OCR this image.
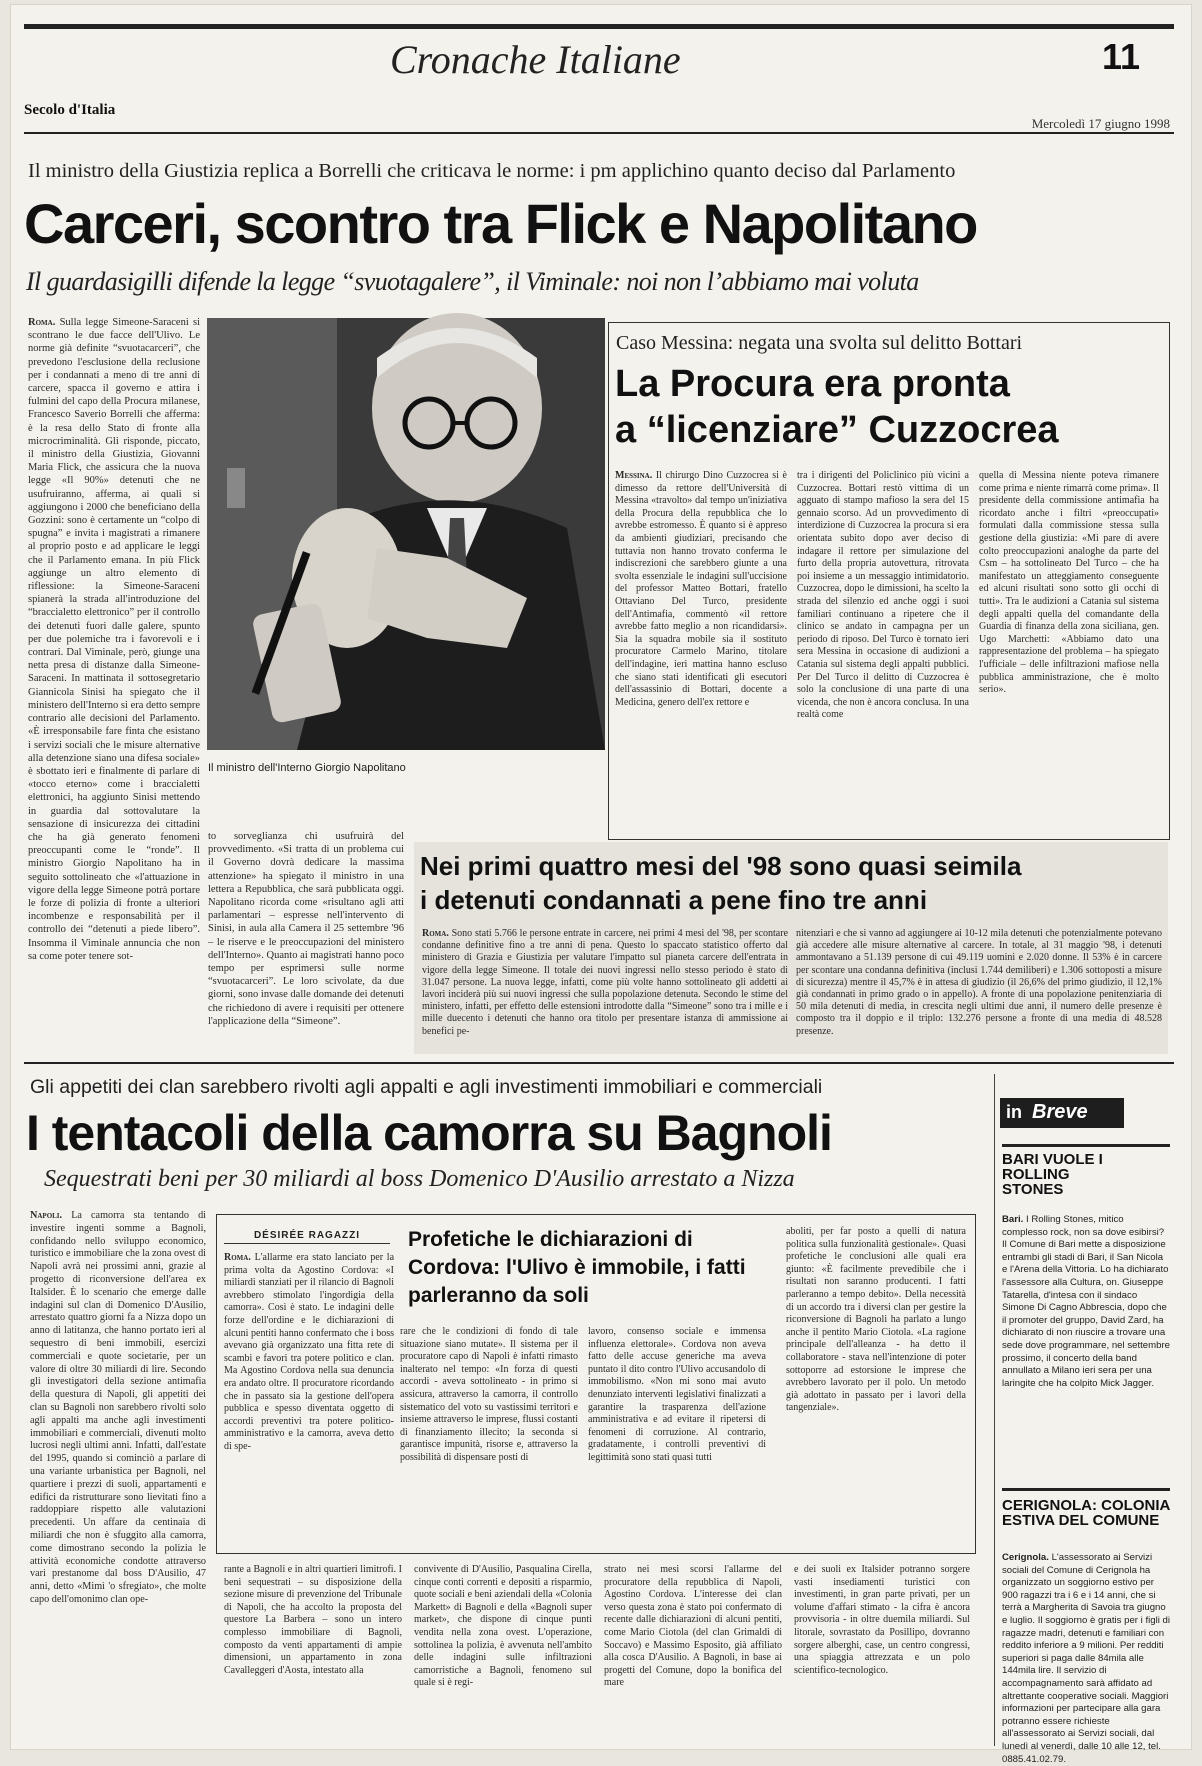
Cronache Italiane	11
Secolo d'Italia
Mercoledì 17 giugno 1998
Il ministro della Giustizia replica a Borrelli che criticava le norme: i pm applichino quanto deciso dal Parlamento
Carceri, scontro tra Flick e Napolitano
Il guardasigilli difende la legge “svuotagalere”, il Viminale: noi non l’abbiamo mai voluta
Roma. Sulla legge Simeone-Saraceni si scontrano le due facce dell'Ulivo. Le norme già definite “svuotacarceri”, che prevedono l'esclusione della reclusione per i condannati a meno di tre anni di carcere, spacca il governo e attira i fulmini del capo della Procura milanese, Francesco Saverio Borrelli che afferma: è la resa dello Stato di fronte alla microcriminalità. Gli risponde, piccato, il ministro della Giustizia, Giovanni Maria Flick, che assicura che la nuova legge «Il 90%» detenuti che ne usufruiranno, afferma, ai quali si aggiungono i 2000 che beneficiano della Gozzini: sono è certamente un “colpo di spugna” e invita i magistrati a rimanere al proprio posto e ad applicare le leggi che il Parlamento emana. In più Flick aggiunge un altro elemento di riflessione: la Simeone-Saraceni spianerà la strada all'introduzione del “braccialetto elettronico” per il controllo dei detenuti fuori dalle galere, spunto per due polemiche tra i favorevoli e i contrari. Dal Viminale, però, giunge una netta presa di distanze dalla Simeone-Saraceni. In mattinata il sottosegretario Giannicola Sinisi ha spiegato che il ministero dell'Interno si era detto sempre contrario alle decisioni del Parlamento. «È irresponsabile fare finta che esistano i servizi sociali che le misure alternative alla detenzione siano una difesa sociale» è sbottato ieri e finalmente di parlare di «tocco eterno» come i braccialetti elettronici, ha aggiunto Sinisi mettendo in guardia dal sottovalutare la sensazione di insicurezza dei cittadini che ha già generato fenomeni preoccupanti come le “ronde”. Il ministro Giorgio Napolitano ha in seguito sottolineato che «l'attuazione in vigore della legge Simeone potrà portare le forze di polizia di fronte a ulteriori incombenze e responsabilità per il controllo dei “detenuti a piede libero”. Insomma il Viminale annuncia che non sa come poter tenere sot-
Il ministro dell'Interno Giorgio Napolitano
Caso Messina: negata una svolta sul delitto Bottari
La Procura era pronta
a “licenziare” Cuzzocrea
Messina. Il chirurgo Dino Cuzzocrea si è dimesso da rettore dell'Università di Messina «travolto» dal tempo un'iniziativa della Procura della repubblica che lo avrebbe estromesso. È quanto si è appreso da ambienti giudiziari, precisando che tuttavia non hanno trovato conferma le indiscrezioni che sarebbero giunte a una svolta essenziale le indagini sull'uccisione del professor Matteo Bottari, fratello Ottaviano Del Turco, presidente dell'Antimafia, commentò «il rettore avrebbe fatto meglio a non ricandidarsi». Sia la squadra mobile sia il sostituto procuratore Carmelo Marino, titolare dell'indagine, ieri mattina hanno escluso che siano stati identificati gli esecutori dell'assassinio di Bottari, docente a Medicina, genero dell'ex rettore e
tra i dirigenti del Policlinico più vicini a Cuzzocrea. Bottari restò vittima di un agguato di stampo mafioso la sera del 15 gennaio scorso. Ad un provvedimento di interdizione di Cuzzocrea la procura si era orientata subito dopo aver deciso di indagare il rettore per simulazione del furto della propria autovettura, ritrovata poi insieme a un messaggio intimidatorio. Cuzzocrea, dopo le dimissioni, ha scelto la strada del silenzio ed anche oggi i suoi familiari continuano a ripetere che il clinico se andato in campagna per un periodo di riposo. Del Turco è tornato ieri sera Messina in occasione di audizioni a Catania sul sistema degli appalti pubblici. Per Del Turco il delitto di Cuzzocrea è solo la conclusione di una parte di una vicenda, che non è ancora conclusa. In una realtà come
quella di Messina niente poteva rimanere come prima e niente rimarrà come prima». Il presidente della commissione antimafia ha ricordato anche i filtri «preoccupati» formulati dalla commissione stessa sulla gestione della giustizia: «Mi pare di avere colto preoccupazioni analoghe da parte del Csm – ha sottolineato Del Turco – che ha manifestato un atteggiamento conseguente ed alcuni risultati sono sotto gli occhi di tutti». Tra le audizioni a Catania sul sistema degli appalti quella del comandante della Guardia di finanza della zona siciliana, gen. Ugo Marchetti: «Abbiamo dato una rappresentazione del problema – ha spiegato l'ufficiale – delle infiltrazioni mafiose nella pubblica amministrazione, che è molto serio».
to sorveglianza chi usufruirà del provvedimento. «Si tratta di un problema cui il Governo dovrà dedicare la massima attenzione» ha spiegato il ministro in una lettera a Repubblica, che sarà pubblicata oggi. Napolitano ricorda come «risultano agli atti parlamentari – espresse nell'intervento di Sinisi, in aula alla Camera il 25 settembre '96 – le riserve e le preoccupazioni del ministero dell'Interno». Quanto ai magistrati hanno poco tempo per esprimersi sulle norme “svuotacarceri”. Le loro scivolate, da due giorni, sono invase dalle domande dei detenuti che richiedono di avere i requisiti per ottenere l'applicazione della “Simeone”.
Nei primi quattro mesi del '98 sono quasi seimila
i detenuti condannati a pene fino tre anni
Roma. Sono stati 5.766 le persone entrate in carcere, nei primi 4 mesi del '98, per scontare condanne definitive fino a tre anni di pena. Questo lo spaccato statistico offerto dal ministero di Grazia e Giustizia per valutare l'impatto sul pianeta carcere dell'entrata in vigore della legge Simeone. Il totale dei nuovi ingressi nello stesso periodo è stato di 31.047 persone. La nuova legge, infatti, come più volte hanno sottolineato gli addetti ai lavori inciderà più sui nuovi ingressi che sulla popolazione detenuta. Secondo le stime del ministero, infatti, per effetto delle estensioni introdotte dalla “Simeone” sono tra i mille e i mille duecento i detenuti che hanno ora titolo per presentare istanza di ammissione ai benefici pe-
nitenziari e che si vanno ad aggiungere ai 10-12 mila detenuti che potenzialmente potevano già accedere alle misure alternative al carcere. In totale, al 31 maggio '98, i detenuti ammontavano a 51.139 persone di cui 49.119 uomini e 2.020 donne. Il 53% è in carcere per scontare una condanna definitiva (inclusi 1.744 demiliberi) e 1.306 sottoposti a misure di sicurezza) mentre il 45,7% è in attesa di giudizio (il 26,6% del primo giudizio, il 12,1% già condannati in primo grado o in appello). A fronte di una popolazione penitenziaria di 50 mila detenuti di media, in crescita negli ultimi due anni, il numero delle presenze è composto tra il doppio e il triplo: 132.276 persone a fronte di una media di 48.528 presenze.
Gli appetiti dei clan sarebbero rivolti agli appalti e agli investimenti immobiliari e commerciali
I tentacoli della camorra su Bagnoli
Sequestrati beni per 30 miliardi al boss Domenico D'Ausilio arrestato a Nizza
Napoli. La camorra sta tentando di investire ingenti somme a Bagnoli, confidando nello sviluppo economico, turistico e immobiliare che la zona ovest di Napoli avrà nei prossimi anni, grazie al progetto di riconversione dell'area ex Italsider. È lo scenario che emerge dalle indagini sul clan di Domenico D'Ausilio, arrestato quattro giorni fa a Nizza dopo un anno di latitanza, che hanno portato ieri al sequestro di beni immobili, esercizi commerciali e quote societarie, per un valore di oltre 30 miliardi di lire. Secondo gli investigatori della sezione antimafia della questura di Napoli, gli appetiti dei clan su Bagnoli non sarebbero rivolti solo agli appalti ma anche agli investimenti immobiliari e commerciali, divenuti molto lucrosi negli ultimi anni. Infatti, dall'estate del 1995, quando si cominciò a parlare di una variante urbanistica per Bagnoli, nel quartiere i prezzi di suoli, appartamenti e edifici da ristrutturare sono lievitati fino a raddoppiare rispetto alle valutazioni precedenti. Un affare da centinaia di miliardi che non è sfuggito alla camorra, come dimostrano secondo la polizia le attività economiche condotte attraverso vari prestanome dal boss D'Ausilio, 47 anni, detto «Mimì 'o sfregiato», che molte capo dell'omonimo clan ope-
DÉSIRÉE RAGAZZI
Roma. L'allarme era stato lanciato per la prima volta da Agostino Cordova: «I miliardi stanziati per il rilancio di Bagnoli avrebbero stimolato l'ingordigia della camorra». Così è stato. Le indagini delle forze dell'ordine e le dichiarazioni di alcuni pentiti hanno confermato che i boss avevano già organizzato una fitta rete di scambi e favori tra potere politico e clan. Ma Agostino Cordova nella sua denuncia era andato oltre. Il procuratore ricordando che in passato sia la gestione dell'opera pubblica e spesso diventata oggetto di accordi preventivi tra potere politico-amministrativo e la camorra, aveva detto di spe-
Profetiche le dichiarazioni di Cordova: l'Ulivo è immobile, i fatti parleranno da soli
rare che le condizioni di fondo di tale situazione siano mutate». Il sistema per il procuratore capo di Napoli è infatti rimasto inalterato nel tempo: «In forza di questi accordi - aveva sottolineato - in primo si assicura, attraverso la camorra, il controllo sistematico del voto su vastissimi territori e insieme attraverso le imprese, flussi costanti di finanziamento illecito; la seconda si garantisce impunità, risorse e, attraverso la possibilità di dispensare posti di
lavoro, consenso sociale e immensa influenza elettorale». Cordova non aveva fatto delle accuse generiche ma aveva puntato il dito contro l'Ulivo accusandolo di immobilismo. «Non mi sono mai avuto denunziato interventi legislativi finalizzati a garantire la trasparenza dell'azione amministrativa e ad evitare il ripetersi di fenomeni di corruzione. Al contrario, gradatamente, i controlli preventivi di legittimità sono stati quasi tutti
aboliti, per far posto a quelli di natura politica sulla funzionalità gestionale». Quasi profetiche le conclusioni alle quali era giunto: «È facilmente prevedibile che i risultati non saranno producenti. I fatti parleranno a tempo debito». Della necessità di un accordo tra i diversi clan per gestire la riconversione di Bagnoli ha parlato a lungo anche il pentito Mario Ciotola. «La ragione principale dell'alleanza - ha detto il collaboratore - stava nell'intenzione di poter sottoporre ad estorsione le imprese che avrebbero lavorato per il polo. Un metodo già adottato in passato per i lavori della tangenziale».
rante a Bagnoli e in altri quartieri limitrofi. I beni sequestrati – su disposizione della sezione misure di prevenzione del Tribunale di Napoli, che ha accolto la proposta del questore La Barbera – sono un intero complesso immobiliare di Bagnoli, composto da venti appartamenti di ampie dimensioni, un appartamento in zona Cavalleggeri d'Aosta, intestato alla
convivente di D'Ausilio, Pasqualina Cirella, cinque conti correnti e depositi a risparmio, quote sociali e beni aziendali della «Colonia Markett» di Bagnoli e della «Bagnoli super market», che dispone di cinque punti vendita nella zona ovest. L'operazione, sottolinea la polizia, è avvenuta nell'ambito delle indagini sulle infiltrazioni camorristiche a Bagnoli, fenomeno sul quale si è regi-
strato nei mesi scorsi l'allarme del procuratore della repubblica di Napoli, Agostino Cordova. L'interesse dei clan verso questa zona è stato poi confermato di recente dalle dichiarazioni di alcuni pentiti, come Mario Ciotola (del clan Grimaldi di Soccavo) e Massimo Esposito, già affiliato alla cosca D'Ausilio. A Bagnoli, in base ai progetti del Comune, dopo la bonifica del mare
e dei suoli ex Italsider potranno sorgere vasti insediamenti turistici con investimenti, in gran parte privati, per un volume d'affari stimato - la cifra è ancora provvisoria - in oltre duemila miliardi. Sul litorale, sovrastato da Posillipo, dovranno sorgere alberghi, case, un centro congressi, una spiaggia attrezzata e un polo scientifico-tecnologico.
in Breve
BARI VUOLE I ROLLING STONES
Bari. I Rolling Stones, mitico complesso rock, non sa dove esibirsi? Il Comune di Bari mette a disposizione entrambi gli stadi di Bari, il San Nicola e l'Arena della Vittoria. Lo ha dichiarato l'assessore alla Cultura, on. Giuseppe Tatarella, d'intesa con il sindaco Simone Di Cagno Abbrescia, dopo che il promoter del gruppo, David Zard, ha dichiarato di non riuscire a trovare una sede dove programmare, nel settembre prossimo, il concerto della band annullato a Milano ieri sera per una laringite che ha colpito Mick Jagger.
CERIGNOLA: COLONIA ESTIVA DEL COMUNE
Cerignola. L'assessorato ai Servizi sociali del Comune di Cerignola ha organizzato un soggiorno estivo per 900 ragazzi tra i 6 e i 14 anni, che si terrà a Margherita di Savoia tra giugno e luglio. Il soggiorno è gratis per i figli di ragazze madri, detenuti e familiari con reddito inferiore a 9 milioni. Per redditi superiori si paga dalle 84mila alle 144mila lire. Il servizio di accompagnamento sarà affidato ad altrettante cooperative sociali. Maggiori informazioni per partecipare alla gara potranno essere richieste all'assessorato ai Servizi sociali, dal lunedì al venerdì, dalle 10 alle 12, tel. 0885.41.02.79.
